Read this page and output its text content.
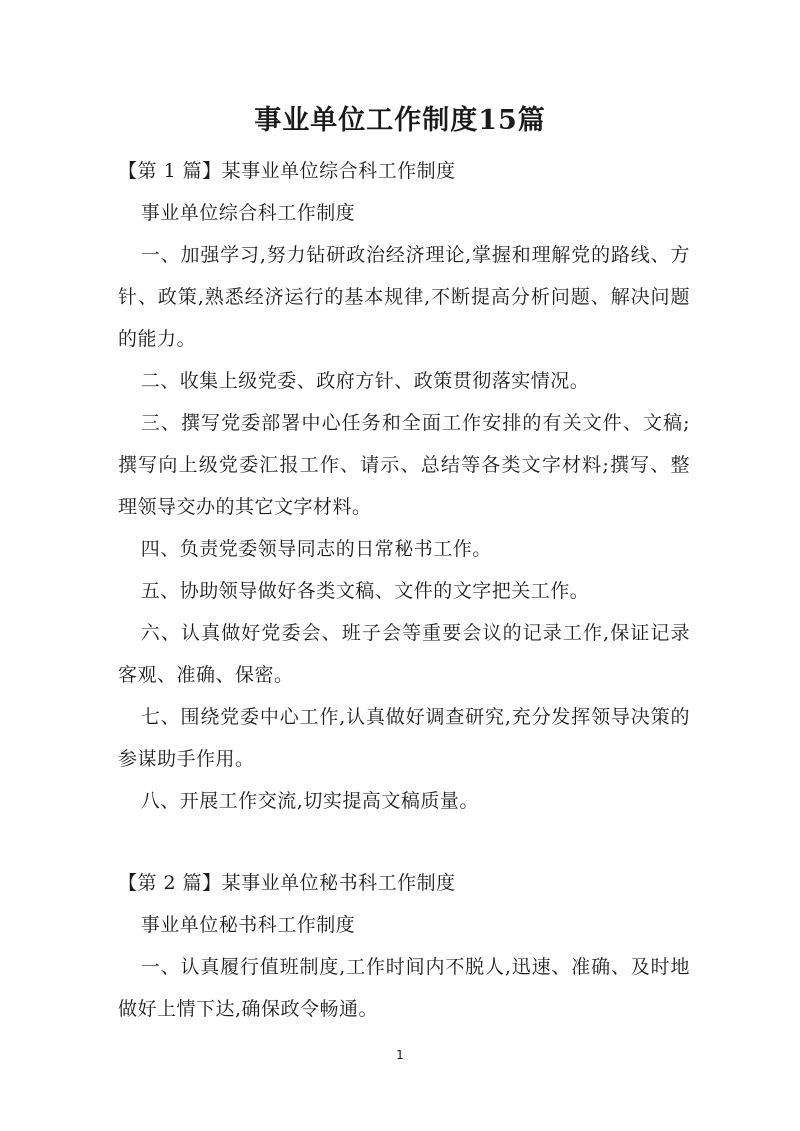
事业单位工作制度15篇

【第 1 篇】某事业单位综合科工作制度

事业单位综合科工作制度

一、加强学习,努力钻研政治经济理论,掌握和理解党的路线、方针、政策,熟悉经济运行的基本规律,不断提高分析问题、解决问题的能力。

二、收集上级党委、政府方针、政策贯彻落实情况。

三、撰写党委部署中心任务和全面工作安排的有关文件、文稿;撰写向上级党委汇报工作、请示、总结等各类文字材料;撰写、整理领导交办的其它文字材料。

四、负责党委领导同志的日常秘书工作。

五、协助领导做好各类文稿、文件的文字把关工作。

六、认真做好党委会、班子会等重要会议的记录工作,保证记录客观、准确、保密。

七、围绕党委中心工作,认真做好调查研究,充分发挥领导决策的参谋助手作用。

八、开展工作交流,切实提高文稿质量。

【第 2 篇】某事业单位秘书科工作制度

事业单位秘书科工作制度

一、认真履行值班制度,工作时间内不脱人,迅速、准确、及时地做好上情下达,确保政令畅通。

1
